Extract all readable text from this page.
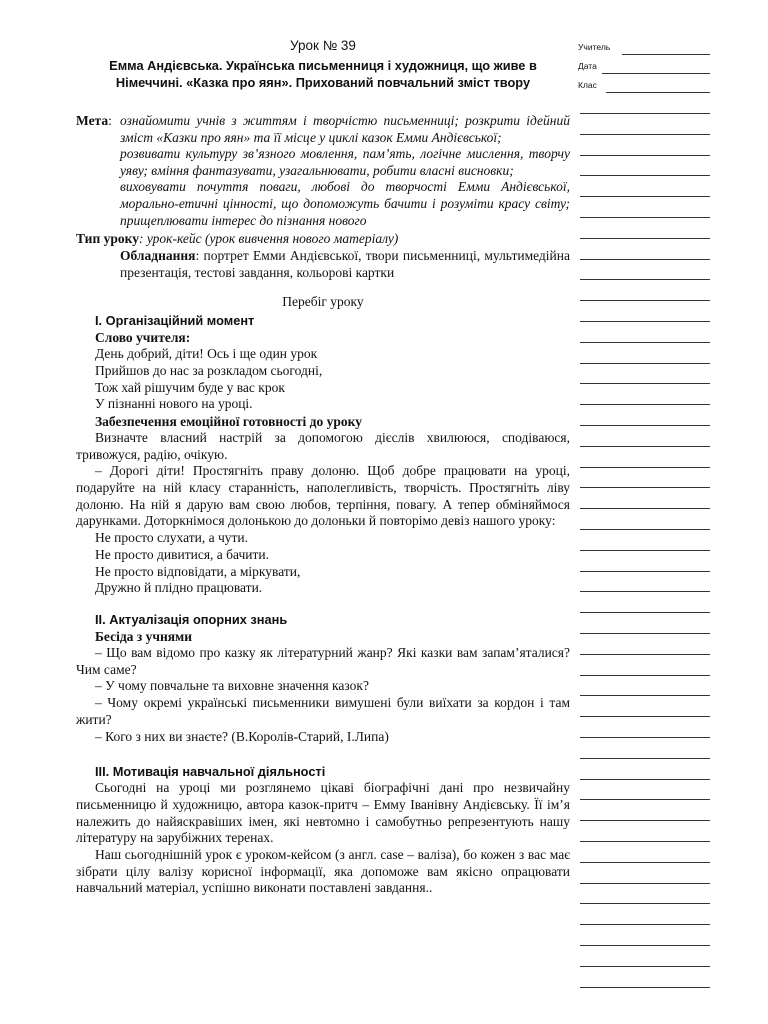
Урок № 39
Емма Андієвська. Українська письменниця і художниця, що живе в Німеччині. «Казка про яян». Прихований повчальний зміст твору
Мета: ознайомити учнів з життям і творчістю письменниці; розкрити ідейний зміст «Казки про яян» та її місце у циклі казок Емми Андієвської;

розвивати культуру зв’язного мовлення, пам’ять, логічне мислення, творчу уяву; вміння фантазувати, узагальнювати, робити власні висновки;

виховувати почуття поваги, любові до творчості Емми Андієвської, морально-етичні цінності, що допоможуть бачити і розуміти красу світу; прищеплювати інтерес до пізнання нового

Тип уроку: урок-кейс (урок вивчення нового матеріалу)
Обладнання: портрет Емми Андієвської, твори письменниці, мультимедійна презентація, тестові завдання, кольорові картки
Перебіг уроку
I. Організаційний момент
Слово учителя:
День добрий, діти! Ось і ще один урок
Прийшов до нас за розкладом сьогодні,
Тож хай рішучим буде у вас крок
У пізнанні нового на уроці.
Забезпечення емоційної готовності до уроку

Визначте власний настрій за допомогою дієслів хвилююся, сподіваюся, тривожуся, радію, очікую.

– Дорогі діти! Простягніть праву долоню. Щоб добре працювати на уроці, подаруйте на ній класу старанність, наполегливість, творчість. Простягніть ліву долоню. На ній я дарую вам свою любов, терпіння, повагу. А тепер обміняймося дарунками. Доторкнімося долонькою до долоньки й повторімо девіз нашого уроку:

Не просто слухати, а чути.
Не просто дивитися, а бачити.
Не просто відповідати, а міркувати,
Дружно й плідно працювати.
II. Актуалізація опорних знань
Бесіда з учнями

– Що вам відомо про казку як літературний жанр? Які казки вам запам’яталися? Чим саме?

– У чому повчальне та виховне значення казок?

– Чому окремі українські письменники вимушені були виїхати за кордон і там жити?

– Кого з них ви знаєте? (В.Королів-Старий, І.Липа)

III. Мотивація навчальної діяльності

Сьогодні на уроці ми розглянемо цікаві біографічні дані про незвичайну письменницю й художницю, автора казок-притч – Емму Іванівну Андієвську. Її ім’я належить до найяскравіших імен, які невтомно і самобутньо репрезентують нашу літературу на зарубіжних теренах.

Наш сьогоднішній урок є уроком-кейсом (з англ. case – валіза), бо кожен з вас має зібрати цілу валізу корисної інформації, яка допоможе вам якісно опрацювати навчальний матеріал, успішно виконати поставлені завдання..

Учитель
Дата
Клас
